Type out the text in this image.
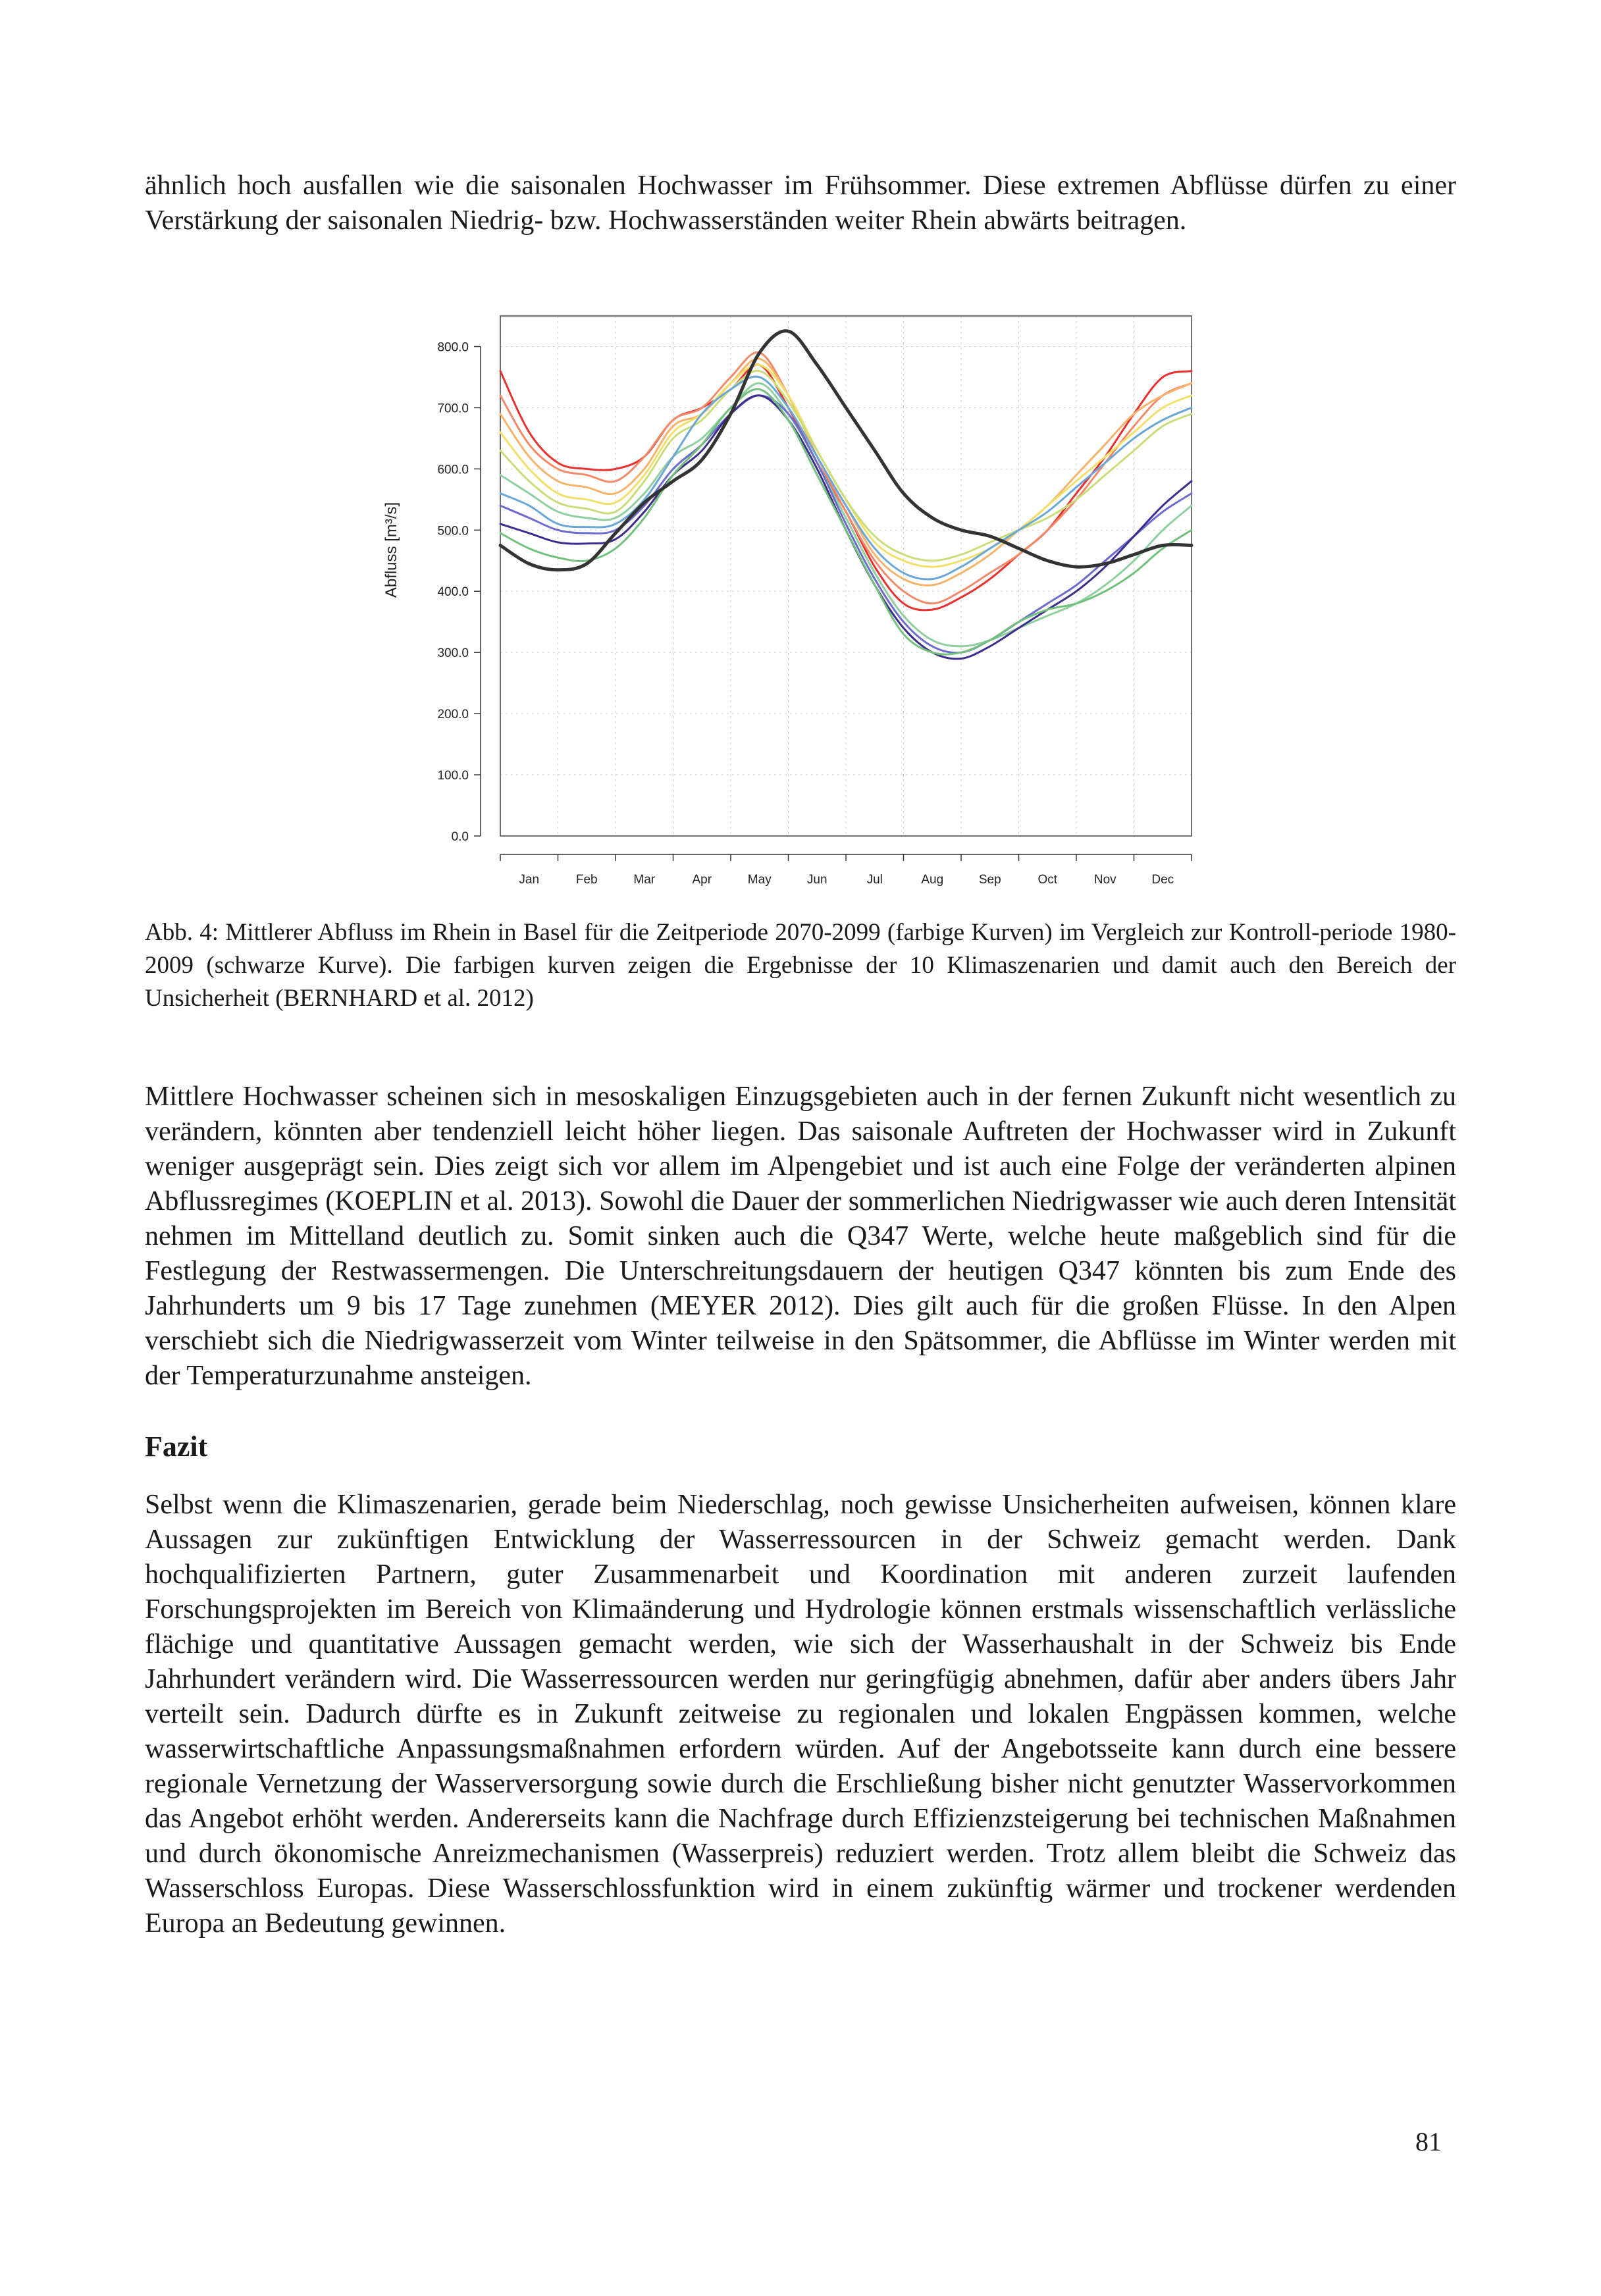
ähnlich hoch ausfallen wie die saisonalen Hochwasser im Frühsommer. Diese extremen Abflüsse dürfen zu einer Verstärkung der saisonalen Niedrig- bzw. Hochwasserständen weiter Rhein abwärts beitragen.

0.0
100.0
200.0
300.0
400.0
500.0
600.0
700.0
800.0
Jan	Feb	Mar	Apr	May	Jun	Jul	Aug	Sep	Oct	Nov	Dec
Abfluss [m³/s]
Abb. 4: Mittlerer Abfluss im Rhein in Basel für die Zeitperiode 2070-2099 (farbige Kurven) im Vergleich zur Kontroll-periode 1980-2009 (schwarze Kurve). Die farbigen kurven zeigen die Ergebnisse der 10 Klimaszenarien und damit auch den Bereich der Unsicherheit (BERNHARD et al. 2012)

Mittlere Hochwasser scheinen sich in mesoskaligen Einzugsgebieten auch in der fernen Zukunft nicht wesentlich zu verändern, könnten aber tendenziell leicht höher liegen. Das saisonale Auftreten der Hochwasser wird in Zukunft weniger ausgeprägt sein. Dies zeigt sich vor allem im Alpengebiet und ist auch eine Folge der veränderten alpinen Abflussregimes (KOEPLIN et al. 2013). Sowohl die Dauer der sommerlichen Niedrigwasser wie auch deren Intensität nehmen im Mittelland deutlich zu. Somit sinken auch die Q347 Werte, welche heute maßgeblich sind für die Festlegung der Restwassermengen. Die Unterschreitungsdauern der heutigen Q347 könnten bis zum Ende des Jahrhunderts um 9 bis 17 Tage zunehmen (MEYER 2012). Dies gilt auch für die großen Flüsse. In den Alpen verschiebt sich die Niedrigwasserzeit vom Winter teilweise in den Spätsommer, die Abflüsse im Winter werden mit der Temperaturzunahme ansteigen.

Fazit

Selbst wenn die Klimaszenarien, gerade beim Niederschlag, noch gewisse Unsicherheiten aufweisen, können klare Aussagen zur zukünftigen Entwicklung der Wasserressourcen in der Schweiz gemacht werden. Dank hochqualifizierten Partnern, guter Zusammenarbeit und Koordination mit anderen zurzeit laufenden Forschungsprojekten im Bereich von Klimaänderung und Hydrologie können erstmals wissenschaftlich verlässliche flächige und quantitative Aussagen gemacht werden, wie sich der Wasserhaushalt in der Schweiz bis Ende Jahrhundert verändern wird. Die Wasserressourcen werden nur geringfügig abnehmen, dafür aber anders übers Jahr verteilt sein. Dadurch dürfte es in Zukunft zeitweise zu regionalen und lokalen Engpässen kommen, welche wasserwirtschaftliche Anpassungsmaßnahmen erfordern würden. Auf der Angebotsseite kann durch eine bessere regionale Vernetzung der Wasserversorgung sowie durch die Erschließung bisher nicht genutzter Wasservorkommen das Angebot erhöht werden. Andererseits kann die Nachfrage durch Effizienzsteigerung bei technischen Maßnahmen und durch ökonomische Anreizmechanismen (Wasserpreis) reduziert werden. Trotz allem bleibt die Schweiz das Wasserschloss Europas. Diese Wasserschlossfunktion wird in einem zukünftig wärmer und trockener werdenden Europa an Bedeutung gewinnen.

81
